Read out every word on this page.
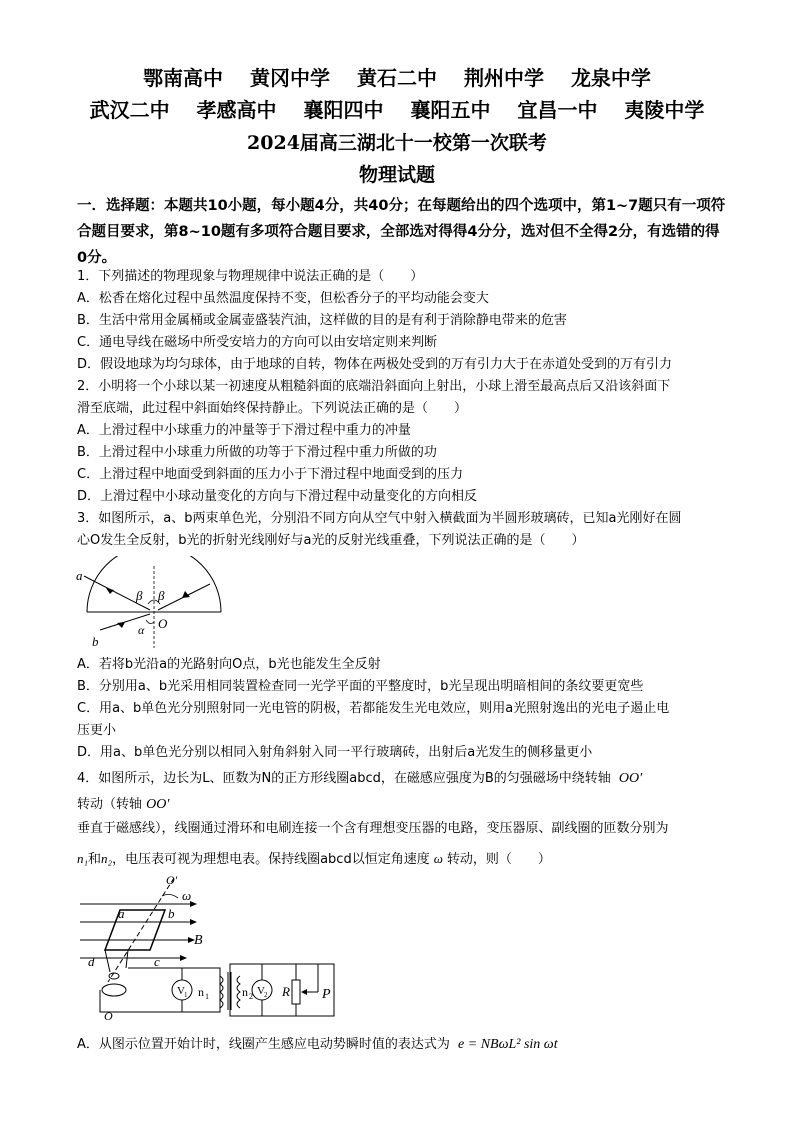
鄂南高中 黄冈中学 黄石二中 荆州中学 龙泉中学
武汉二中 孝感高中 襄阳四中 襄阳五中 宜昌一中 夷陵中学
2024届高三湖北十一校第一次联考
物理试题
一．选择题：本题共10小题，每小题4分，共40分；在每题给出的四个选项中，第1~7题只有一项符合题目要求，第8~10题有多项符合题目要求，全部选对得得4分分，选对但不全得2分，有选错的得0分。
1．下列描述的物理现象与物理规律中说法正确的是（　　）
A．松香在熔化过程中虽然温度保持不变，但松香分子的平均动能会变大
B．生活中常用金属桶或金属壶盛装汽油，这样做的目的是有利于消除静电带来的危害
C．通电导线在磁场中所受安培力的方向可以由安培定则来判断
D．假设地球为均匀球体，由于地球的自转，物体在两极处受到的万有引力大于在赤道处受到的万有引力
2．小明将一个小球以某一初速度从粗糙斜面的底端沿斜面向上射出，小球上滑至最高点后又沿该斜面下
滑至底端，此过程中斜面始终保持静止。下列说法正确的是（　　）
A．上滑过程中小球重力的冲量等于下滑过程中重力的冲量
B．上滑过程中小球重力所做的功等于下滑过程中重力所做的功
C．上滑过程中地面受到斜面的压力小于下滑过程中地面受到的压力
D．上滑过程中小球动量变化的方向与下滑过程中动量变化的方向相反
3．如图所示，a、b两束单色光，分别沿不同方向从空气中射入横截面为半圆形玻璃砖，已知a光刚好在圆
心O发生全反射，b光的折射光线刚好与a光的反射光线重叠，下列说法正确的是（　　）
a
b
β β
α O
A．若将b光沿a的光路射向O点，b光也能发生全反射
B．分别用a、b光采用相同装置检查同一光学平面的平整度时，b光呈现出明暗相间的条纹要更宽些
C．用a、b单色光分别照射同一光电管的阴极，若都能发生光电效应，则用a光照射逸出的光电子遏止电
压更小
D．用a、b单色光分别以相同入射角斜射入同一平行玻璃砖，出射后a光发生的侧移量更小
4．如图所示，边长为L、匝数为N的正方形线圈abcd，在磁感应强度为B的匀强磁场中绕转轴 OO′
转动（转轴 OO′
垂直于磁感线），线圈通过滑环和电刷连接一个含有理想变压器的电路，变压器原、副线圈的匝数分别为
n₁和n₂，电压表可视为理想电表。保持线圈abcd以恒定角速度 ω 转动，则（　　）
O′
ω
a	b
B
d	c
O
V 1 n 1	n 2 V 2 R P
A．从图示位置开始计时，线圈产生感应电动势瞬时值的表达式为 e = NBωL² sin ωt
